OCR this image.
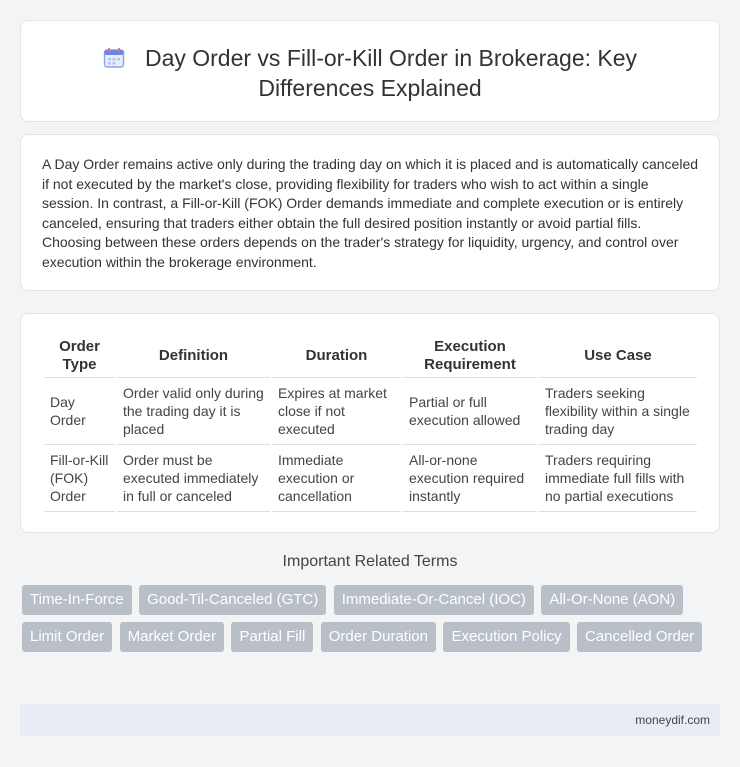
Day Order vs Fill-or-Kill Order in Brokerage: Key Differences Explained

A Day Order remains active only during the trading day on which it is placed and is automatically canceled if not executed by the market's close, providing flexibility for traders who wish to act within a single session. In contrast, a Fill-or-Kill (FOK) Order demands immediate and complete execution or is entirely canceled, ensuring that traders either obtain the full desired position instantly or avoid partial fills. Choosing between these orders depends on the trader's strategy for liquidity, urgency, and control over execution within the brokerage environment.

Order Type	Definition	Duration	Execution Requirement	Use Case
Day Order	Order valid only during the trading day it is placed	Expires at market close if not executed	Partial or full execution allowed	Traders seeking flexibility within a single trading day
Fill-or-Kill (FOK) Order	Order must be executed immediately in full or canceled	Immediate execution or cancellation	All-or-none execution required instantly	Traders requiring immediate full fills with no partial executions
Important Related Terms
Time-In-Force Good-Til-Canceled (GTC) Immediate-Or-Cancel (IOC) All-Or-None (AON) Limit Order Market Order Partial Fill Order Duration Execution Policy Cancelled Order
moneydif.com
